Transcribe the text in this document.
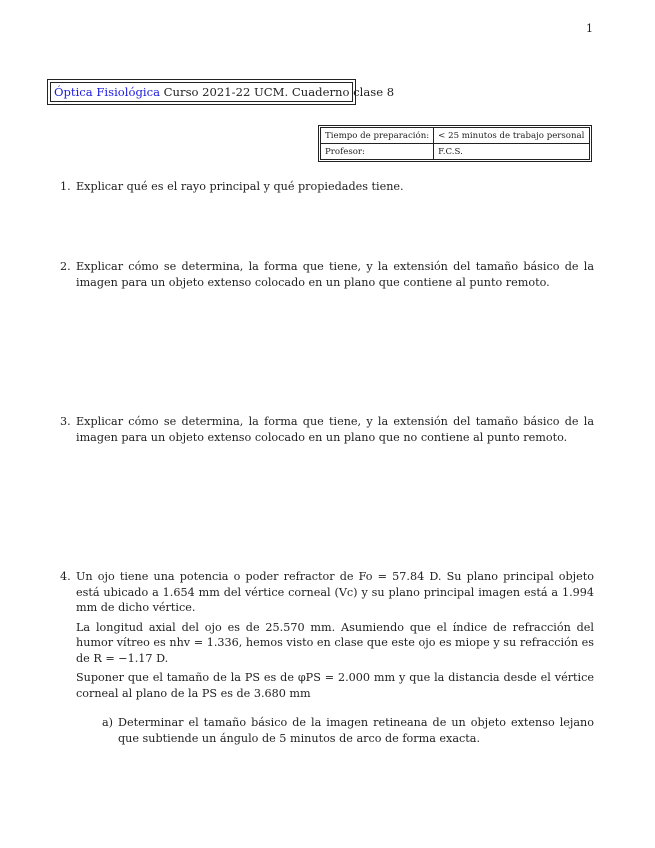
1
Óptica Fisiológica Curso 2021-22 UCM. Cuaderno clase 8
Tiempo de preparación:	< 25 minutos de trabajo personal
Profesor:	F.C.S.
1. Explicar qué es el rayo principal y qué propiedades tiene.
2. Explicar cómo se determina, la forma que tiene, y la extensión del tamaño básico de la imagen para un objeto extenso colocado en un plano que contiene al punto remoto.
3. Explicar cómo se determina, la forma que tiene, y la extensión del tamaño básico de la imagen para un objeto extenso colocado en un plano que no contiene al punto remoto.
4. Un ojo tiene una potencia o poder refractor de Fo = 57.84 D. Su plano principal objeto está ubicado a 1.654 mm del vértice corneal (Vc) y su plano principal imagen está a 1.994 mm de dicho vértice.

La longitud axial del ojo es de 25.570 mm. Asumiendo que el índice de refracción del humor vítreo es nhv = 1.336, hemos visto en clase que este ojo es miope y su refracción es de R = −1.17 D.

Suponer que el tamaño de la PS es de φPS = 2.000 mm y que la distancia desde el vértice corneal al plano de la PS es de 3.680 mm

a) Determinar el tamaño básico de la imagen retineana de un objeto extenso lejano que subtiende un ángulo de 5 minutos de arco de forma exacta.
